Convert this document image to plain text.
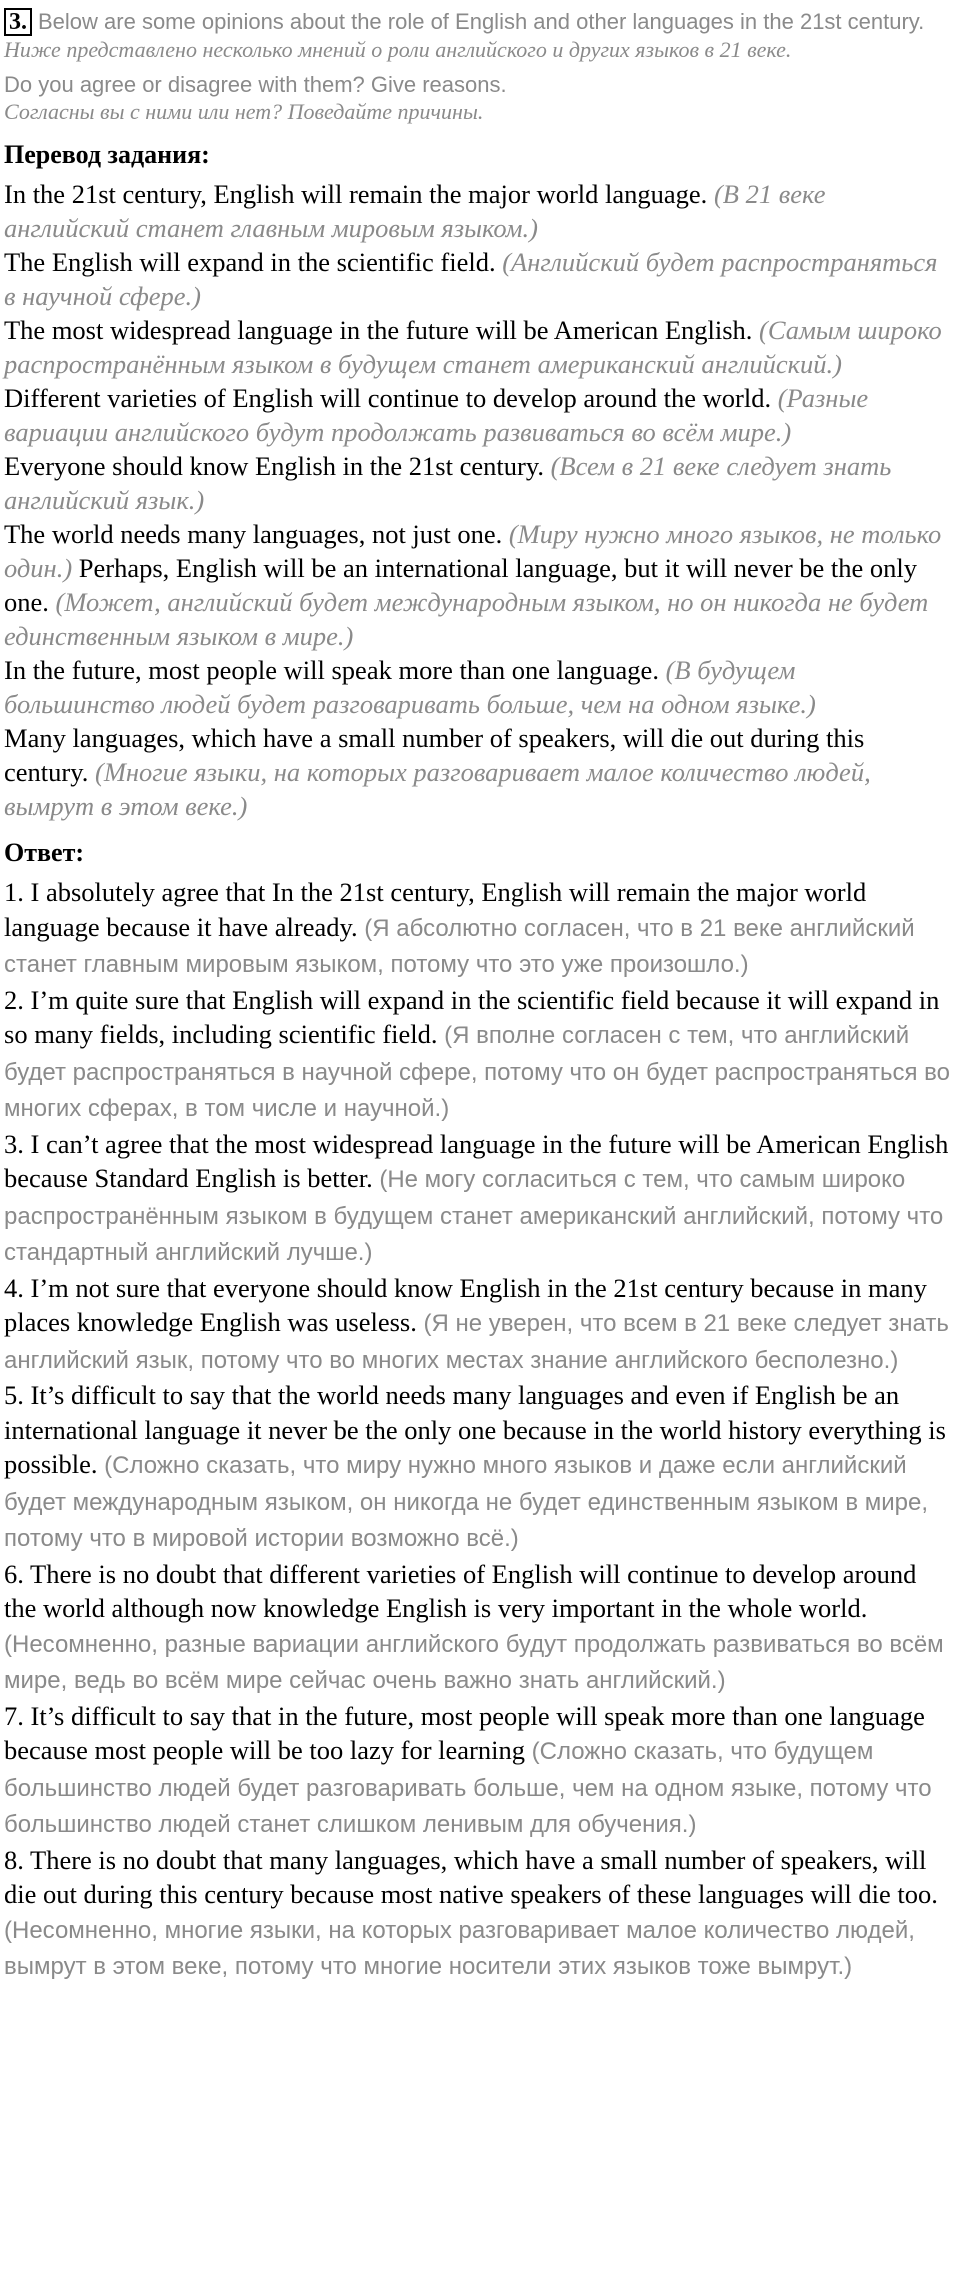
3. Below are some opinions about the role of English and other languages in the 21st century.
Ниже представлено несколько мнений о роли английского и других языков в 21 веке.
Do you agree or disagree with them? Give reasons.
Согласны вы с ними или нет? Поведайте причины.
Перевод задания:
In the 21st century, English will remain the major world language. (В 21 веке английский станет главным мировым языком.)
The English will expand in the scientific field. (Английский будет распространяться в научной сфере.)
The most widespread language in the future will be American English. (Самым широко распространённым языком в будущем станет американский английский.)
Different varieties of English will continue to develop around the world. (Разные вариации английского будут продолжать развиваться во всём мире.)
Everyone should know English in the 21st century. (Всем в 21 веке следует знать английский язык.)
The world needs many languages, not just one. (Миру нужно много языков, не только один.) Perhaps, English will be an international language, but it will never be the only one. (Может, английский будет международным языком, но он никогда не будет единственным языком в мире.)
In the future, most people will speak more than one language. (В будущем большинство людей будет разговаривать больше, чем на одном языке.)
Many languages, which have a small number of speakers, will die out during this century. (Многие языки, на которых разговаривает малое количество людей, вымрут в этом веке.)
Ответ:
1. I absolutely agree that In the 21st century, English will remain the major world language because it have already. (Я абсолютно согласен, что в 21 веке английский станет главным мировым языком, потому что это уже произошло.)
2. I’m quite sure that English will expand in the scientific field because it will expand in so many fields, including scientific field. (Я вполне согласен с тем, что английский будет распространяться в научной сфере, потому что он будет распространяться во многих сферах, в том числе и научной.)
3. I can’t agree that the most widespread language in the future will be American English because Standard English is better. (Не могу согласиться с тем, что самым широко распространённым языком в будущем станет американский английский, потому что стандартный английский лучше.)
4. I’m not sure that everyone should know English in the 21st century because in many places knowledge English was useless. (Я не уверен, что всем в 21 веке следует знать английский язык, потому что во многих местах знание английского бесполезно.)
5. It’s difficult to say that the world needs many languages and even if English be an international language it never be the only one because in the world history everything is possible. (Сложно сказать, что миру нужно много языков и даже если английский будет международным языком, он никогда не будет единственным языком в мире, потому что в мировой истории возможно всё.)
6. There is no doubt that different varieties of English will continue to develop around the world although now knowledge English is very important in the whole world. (Несомненно, разные вариации английского будут продолжать развиваться во всём мире, ведь во всём мире сейчас очень важно знать английский.)
7. It’s difficult to say that in the future, most people will speak more than one language because most people will be too lazy for learning (Сложно сказать, что будущем большинство людей будет разговаривать больше, чем на одном языке, потому что большинство людей станет слишком ленивым для обучения.)
8. There is no doubt that many languages, which have a small number of speakers, will die out during this century because most native speakers of these languages will die too. (Несомненно, многие языки, на которых разговаривает малое количество людей, вымрут в этом веке, потому что многие носители этих языков тоже вымрут.)
